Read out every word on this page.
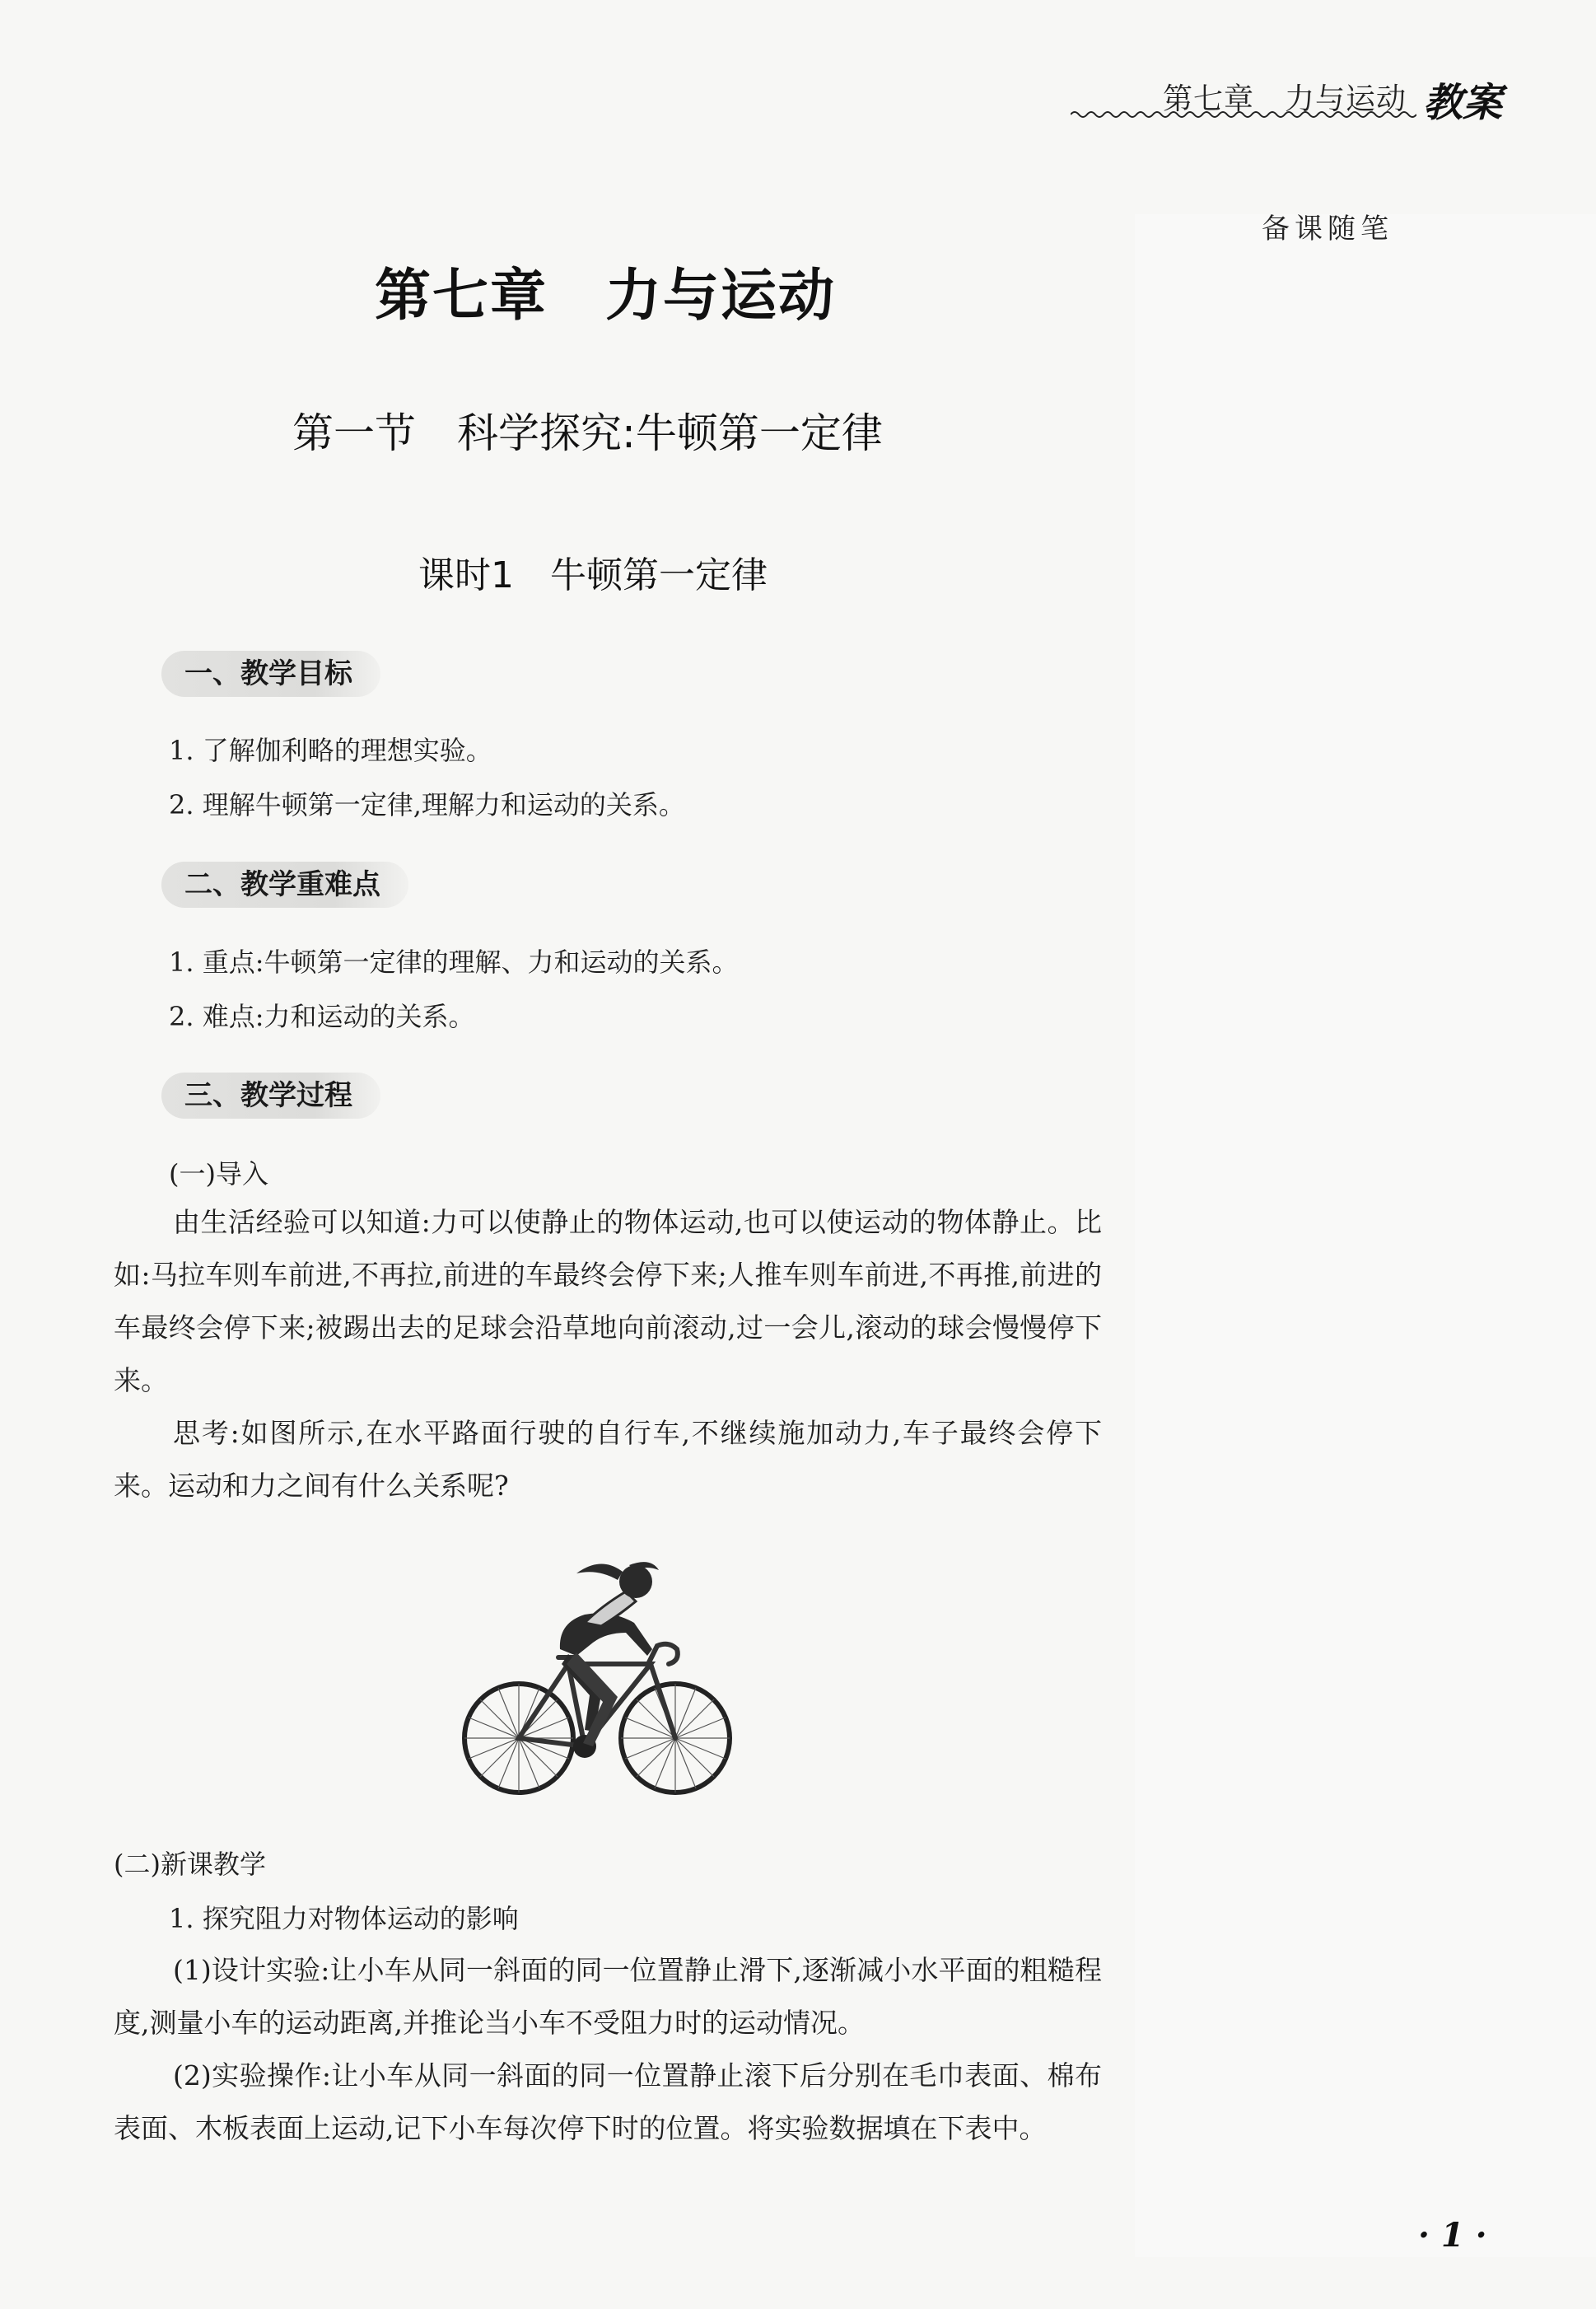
第七章　力与运动 教案
备课随笔
第七章　力与运动
第一节　科学探究:牛顿第一定律
课时1　牛顿第一定律
一、教学目标
1. 了解伽利略的理想实验。
2. 理解牛顿第一定律,理解力和运动的关系。
二、教学重难点
1. 重点:牛顿第一定律的理解、力和运动的关系。
2. 难点:力和运动的关系。
三、教学过程
(一)导入
由生活经验可以知道:力可以使静止的物体运动,也可以使运动的物体静止。比如:马拉车则车前进,不再拉,前进的车最终会停下来;人推车则车前进,不再推,前进的车最终会停下来;被踢出去的足球会沿草地向前滚动,过一会儿,滚动的球会慢慢停下来。
思考:如图所示,在水平路面行驶的自行车,不继续施加动力,车子最终会停下来。运动和力之间有什么关系呢?
(二)新课教学
1. 探究阻力对物体运动的影响
(1)设计实验:让小车从同一斜面的同一位置静止滑下,逐渐减小水平面的粗糙程度,测量小车的运动距离,并推论当小车不受阻力时的运动情况。
(2)实验操作:让小车从同一斜面的同一位置静止滚下后分别在毛巾表面、棉布表面、木板表面上运动,记下小车每次停下时的位置。将实验数据填在下表中。
· 1 ·
